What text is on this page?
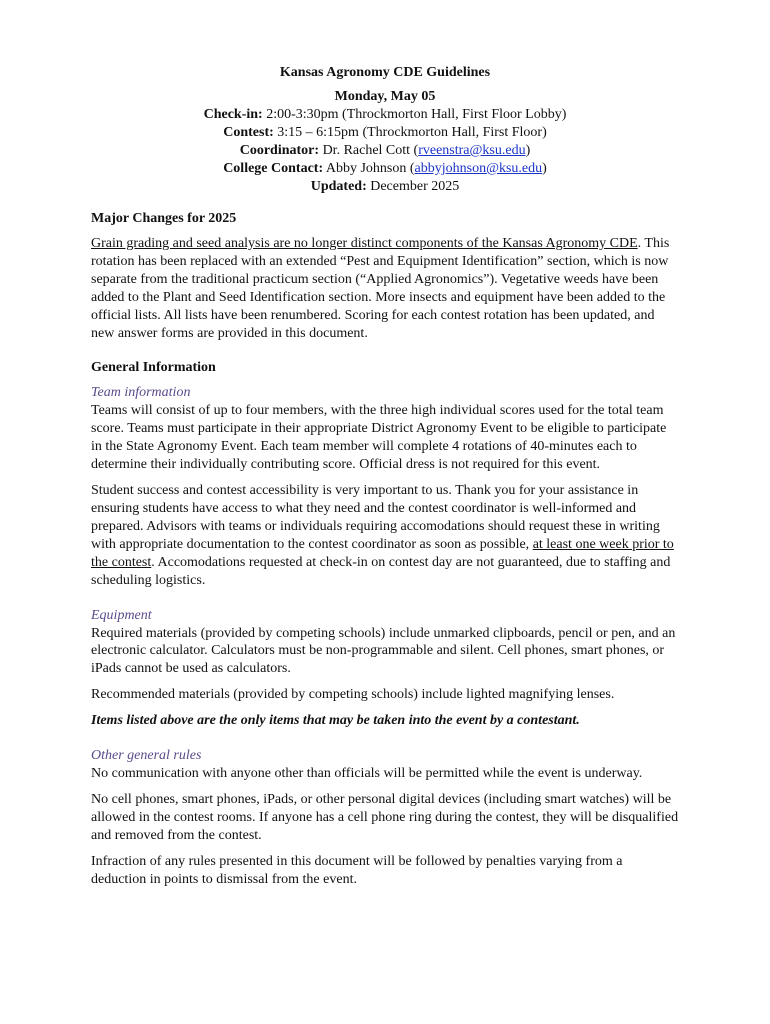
Kansas Agronomy CDE Guidelines
Monday, May 05
Check-in: 2:00-3:30pm (Throckmorton Hall, First Floor Lobby)
Contest: 3:15 – 6:15pm (Throckmorton Hall, First Floor)
Coordinator: Dr. Rachel Cott (rveenstra@ksu.edu)
College Contact: Abby Johnson (abbyjohnson@ksu.edu)
Updated: December 2025
Major Changes for 2025

Grain grading and seed analysis are no longer distinct components of the Kansas Agronomy CDE. This rotation has been replaced with an extended “Pest and Equipment Identification” section, which is now separate from the traditional practicum section (“Applied Agronomics”). Vegetative weeds have been added to the Plant and Seed Identification section. More insects and equipment have been added to the official lists. All lists have been renumbered. Scoring for each contest rotation has been updated, and new answer forms are provided in this document.

General Information
Team information

Teams will consist of up to four members, with the three high individual scores used for the total team score. Teams must participate in their appropriate District Agronomy Event to be eligible to participate in the State Agronomy Event. Each team member will complete 4 rotations of 40-minutes each to determine their individually contributing score. Official dress is not required for this event.

Student success and contest accessibility is very important to us. Thank you for your assistance in ensuring students have access to what they need and the contest coordinator is well-informed and prepared. Advisors with teams or individuals requiring accomodations should request these in writing with appropriate documentation to the contest coordinator as soon as possible, at least one week prior to the contest. Accomodations requested at check-in on contest day are not guaranteed, due to staffing and scheduling logistics.

Equipment

Required materials (provided by competing schools) include unmarked clipboards, pencil or pen, and an electronic calculator. Calculators must be non-programmable and silent. Cell phones, smart phones, or iPads cannot be used as calculators.

Recommended materials (provided by competing schools) include lighted magnifying lenses.

Items listed above are the only items that may be taken into the event by a contestant.

Other general rules

No communication with anyone other than officials will be permitted while the event is underway.

No cell phones, smart phones, iPads, or other personal digital devices (including smart watches) will be allowed in the contest rooms. If anyone has a cell phone ring during the contest, they will be disqualified and removed from the contest.

Infraction of any rules presented in this document will be followed by penalties varying from a deduction in points to dismissal from the event.
